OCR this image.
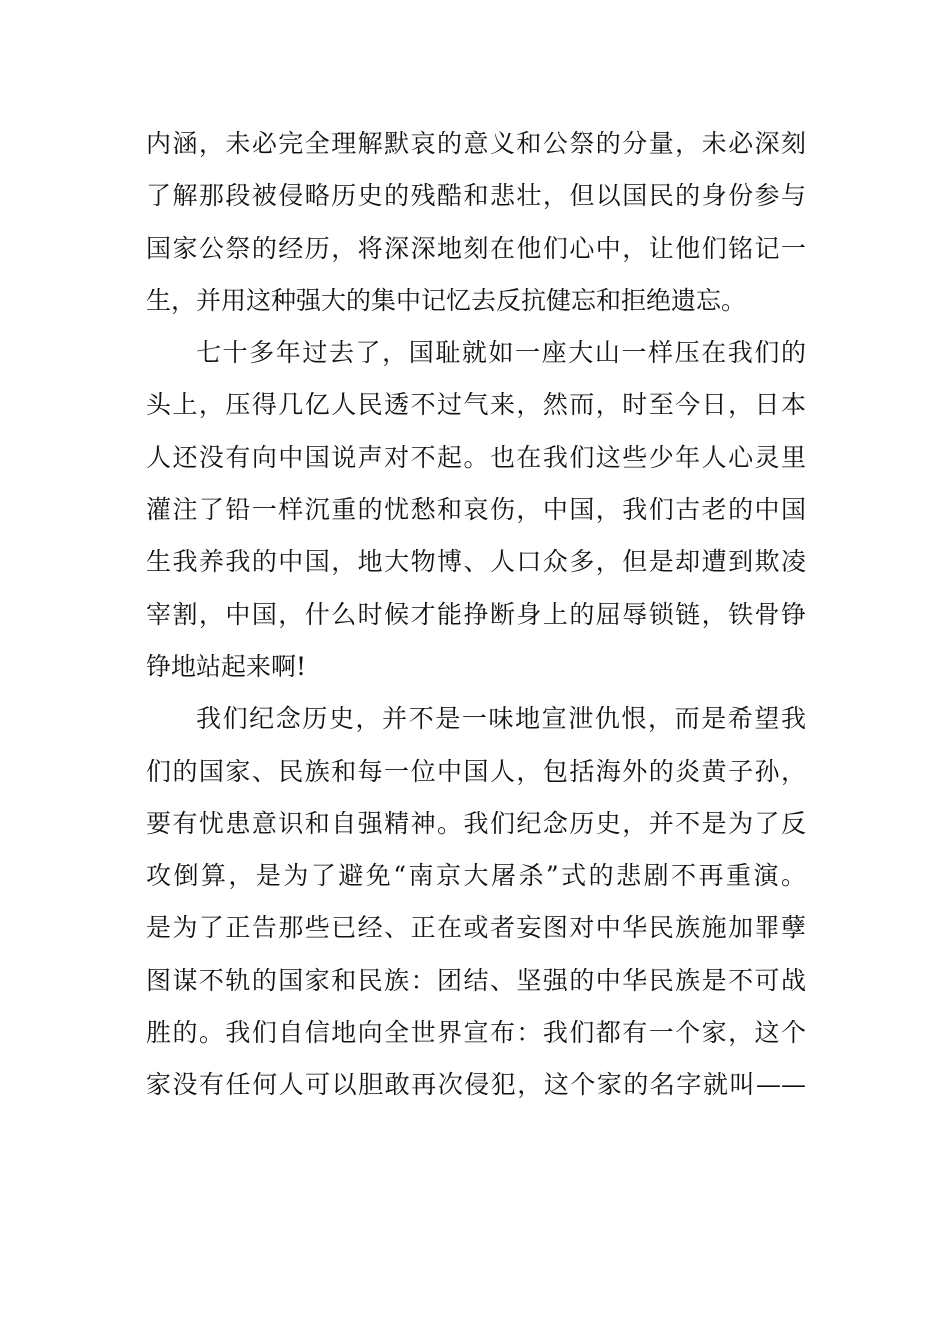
内涵，未必完全理解默哀的意义和公祭的分量，未必深刻
了解那段被侵略历史的残酷和悲壮，但以国民的身份参与
国家公祭的经历，将深深地刻在他们心中，让他们铭记一
生，并用这种强大的集中记忆去反抗健忘和拒绝遗忘。
七十多年过去了，国耻就如一座大山一样压在我们的
头上，压得几亿人民透不过气来，然而，时至今日，日本
人还没有向中国说声对不起。也在我们这些少年人心灵里
灌注了铅一样沉重的忧愁和哀伤，中国，我们古老的中国
生我养我的中国，地大物博、人口众多，但是却遭到欺凌
宰割，中国，什么时候才能挣断身上的屈辱锁链，铁骨铮
铮地站起来啊!
我们纪念历史，并不是一味地宣泄仇恨，而是希望我
们的国家、民族和每一位中国人，包括海外的炎黄子孙，
要有忧患意识和自强精神。我们纪念历史，并不是为了反
攻倒算，是为了避免“南京大屠杀”式的悲剧不再重演。
是为了正告那些已经、正在或者妄图对中华民族施加罪孽
图谋不轨的国家和民族：团结、坚强的中华民族是不可战
胜的。我们自信地向全世界宣布：我们都有一个家，这个
家没有任何人可以胆敢再次侵犯，这个家的名字就叫——
